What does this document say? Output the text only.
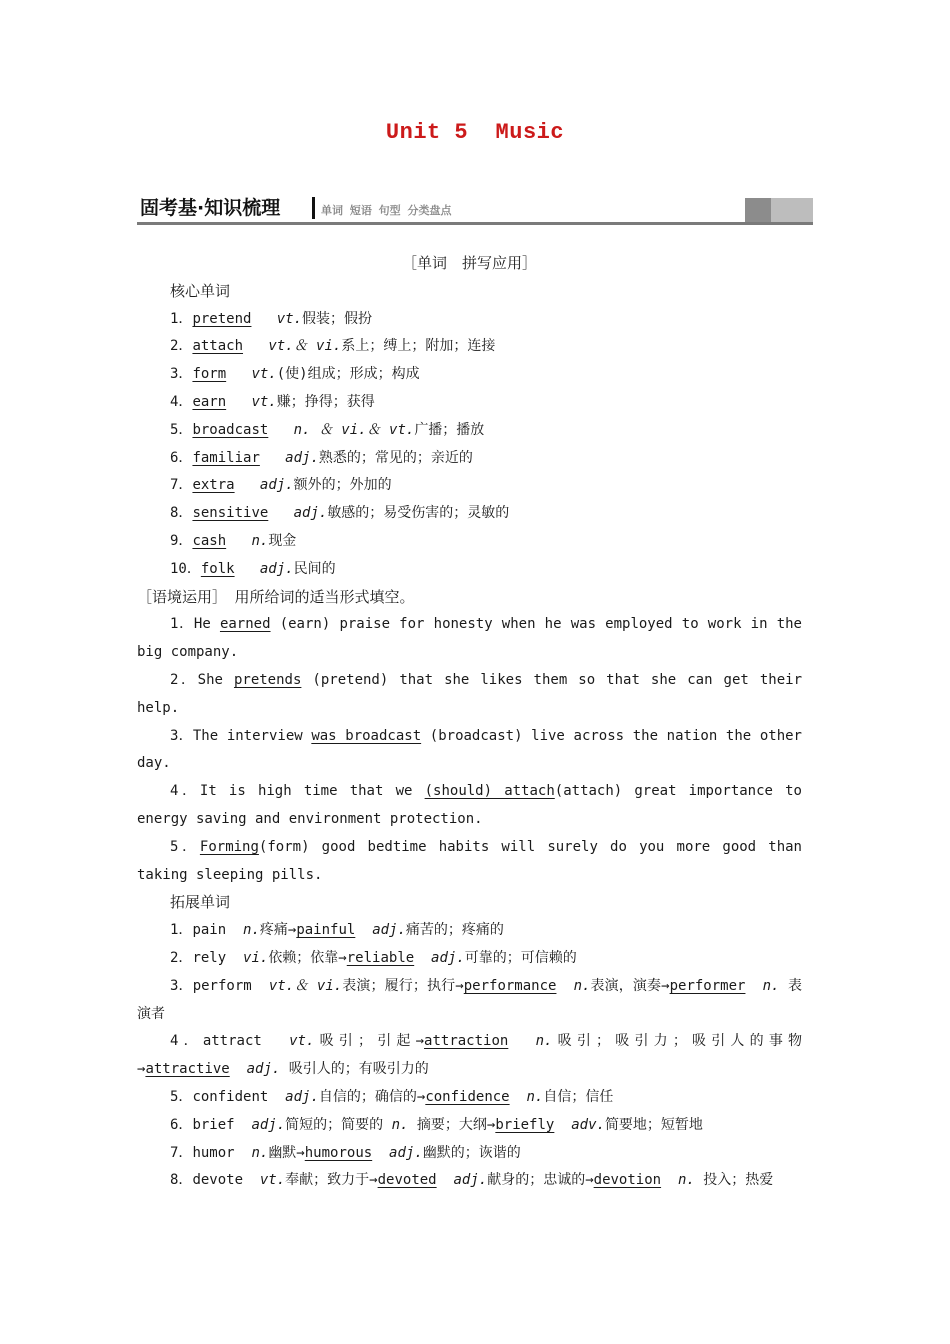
Unit 5  Music
固考基·知识梳理	单词 短语 句型 分类盘点
［单词　拼写应用］
核心单词
1．pretend vt.假装；假扮
2．attach vt.＆ vi.系上；缚上；附加；连接
3．form vt.(使)组成；形成；构成
4．earn vt.赚；挣得；获得
5．broadcast n. ＆ vi.＆ vt.广播；播放
6．familiar adj.熟悉的；常见的；亲近的
7．extra adj.额外的；外加的
8．sensitive adj.敏感的；易受伤害的；灵敏的
9．cash n.现金
10．folk adj.民间的
［语境运用］　用所给词的适当形式填空。
1．He earned (earn) praise for honesty when he was employed to work in the big company.
2．She pretends (pretend) that she likes them so that she can get their help.
3．The interview was broadcast (broadcast) live across the nation the other day.
4．It is high time that we (should) attach(attach) great importance to energy saving and environment protection.
5．Forming(form) good bedtime habits will surely do you more good than taking sleeping pills.
拓展单词
1．pain n.疼痛→painful adj.痛苦的；疼痛的
2．rely vi.依赖；依靠→reliable adj.可靠的；可信赖的
3．perform vt.＆ vi.表演；履行；执行→performance n.表演，演奏→performer n. 表演者
4．attract vt.吸引；引起→attraction n.吸引；吸引力；吸引人的事物→attractive adj. 吸引人的；有吸引力的
5．confident adj.自信的；确信的→confidence n.自信；信任
6．brief adj.简短的；简要的 n. 摘要；大纲→briefly adv.简要地；短暂地
7．humor n.幽默→humorous adj.幽默的；诙谐的
8．devote vt.奉献；致力于→devoted adj.献身的；忠诚的→devotion n. 投入；热爱
